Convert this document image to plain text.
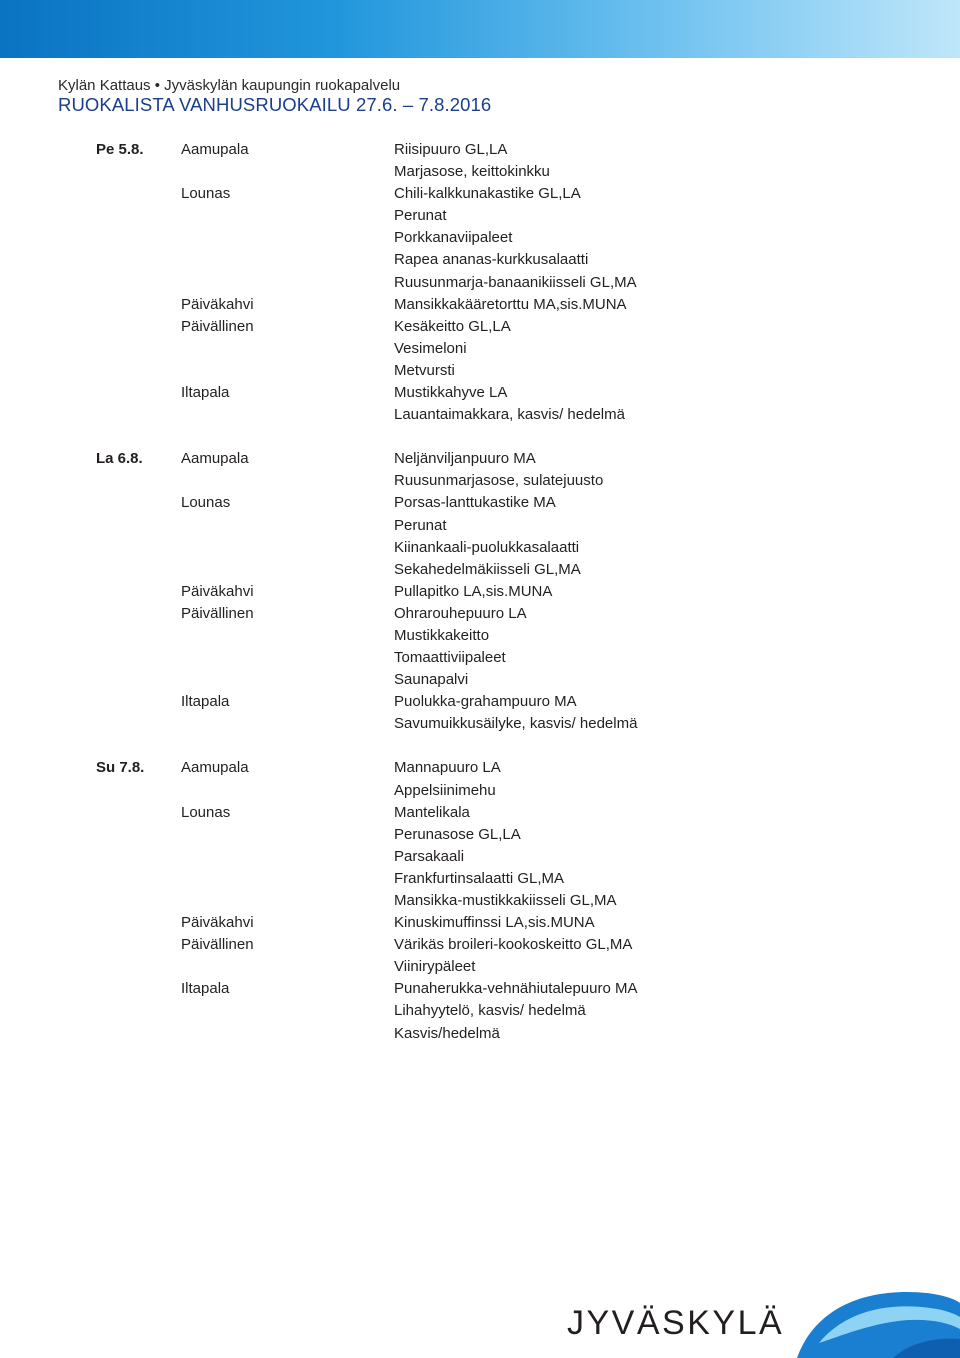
Kylän Kattaus • Jyväskylän kaupungin ruokapalvelu
RUOKALISTA VANHUSRUOKAILU 27.6. – 7.8.2016
Pe 5.8. Aamupala	Riisipuuro GL,LA
Marjasose, keittokinkku
Lounas	Chili-kalkkunakastike GL,LA
Perunat
Porkkanaviipaleet
Rapea ananas-kurkkusalaatti
Ruusunmarja-banaanikiisseli GL,MA
Päiväkahvi	Mansikkakääretorttu MA,sis.MUNA
Päivällinen	Kesäkeitto GL,LA
Vesimeloni
Metvursti
Iltapala	Mustikkahyve LA
Lauantaimakkara, kasvis/ hedelmä
La 6.8.	Aamupala	Neljänviljanpuuro MA
Ruusunmarjasose, sulatejuusto
Lounas	Porsas-lanttukastike MA
Perunat
Kiinankaali-puolukkasalaatti
Sekahedelmäkiisseli GL,MA
Päiväkahvi	Pullapitko LA,sis.MUNA
Päivällinen	Ohrarouhepuuro LA
Mustikkakeitto
Tomaattiviipaleet
Saunapalvi
Iltapala	Puolukka-grahampuuro MA
Savumuikkusäilyke, kasvis/ hedelmä
Su 7.8. Aamupala	Mannapuuro LA
Appelsiinimehu
Lounas	Mantelikala
Perunasose GL,LA
Parsakaali
Frankfurtinsalaatti GL,MA
Mansikka-mustikkakiisseli GL,MA
Päiväkahvi	Kinuskimuffinssi LA,sis.MUNA
Päivällinen	Värikäs broileri-kookoskeitto GL,MA
Viinirypäleet
Iltapala	Punaherukka-vehnähiutalepuuro MA
Lihahyytelö, kasvis/ hedelmä
Kasvis/hedelmä
JYVÄSKYLÄ
